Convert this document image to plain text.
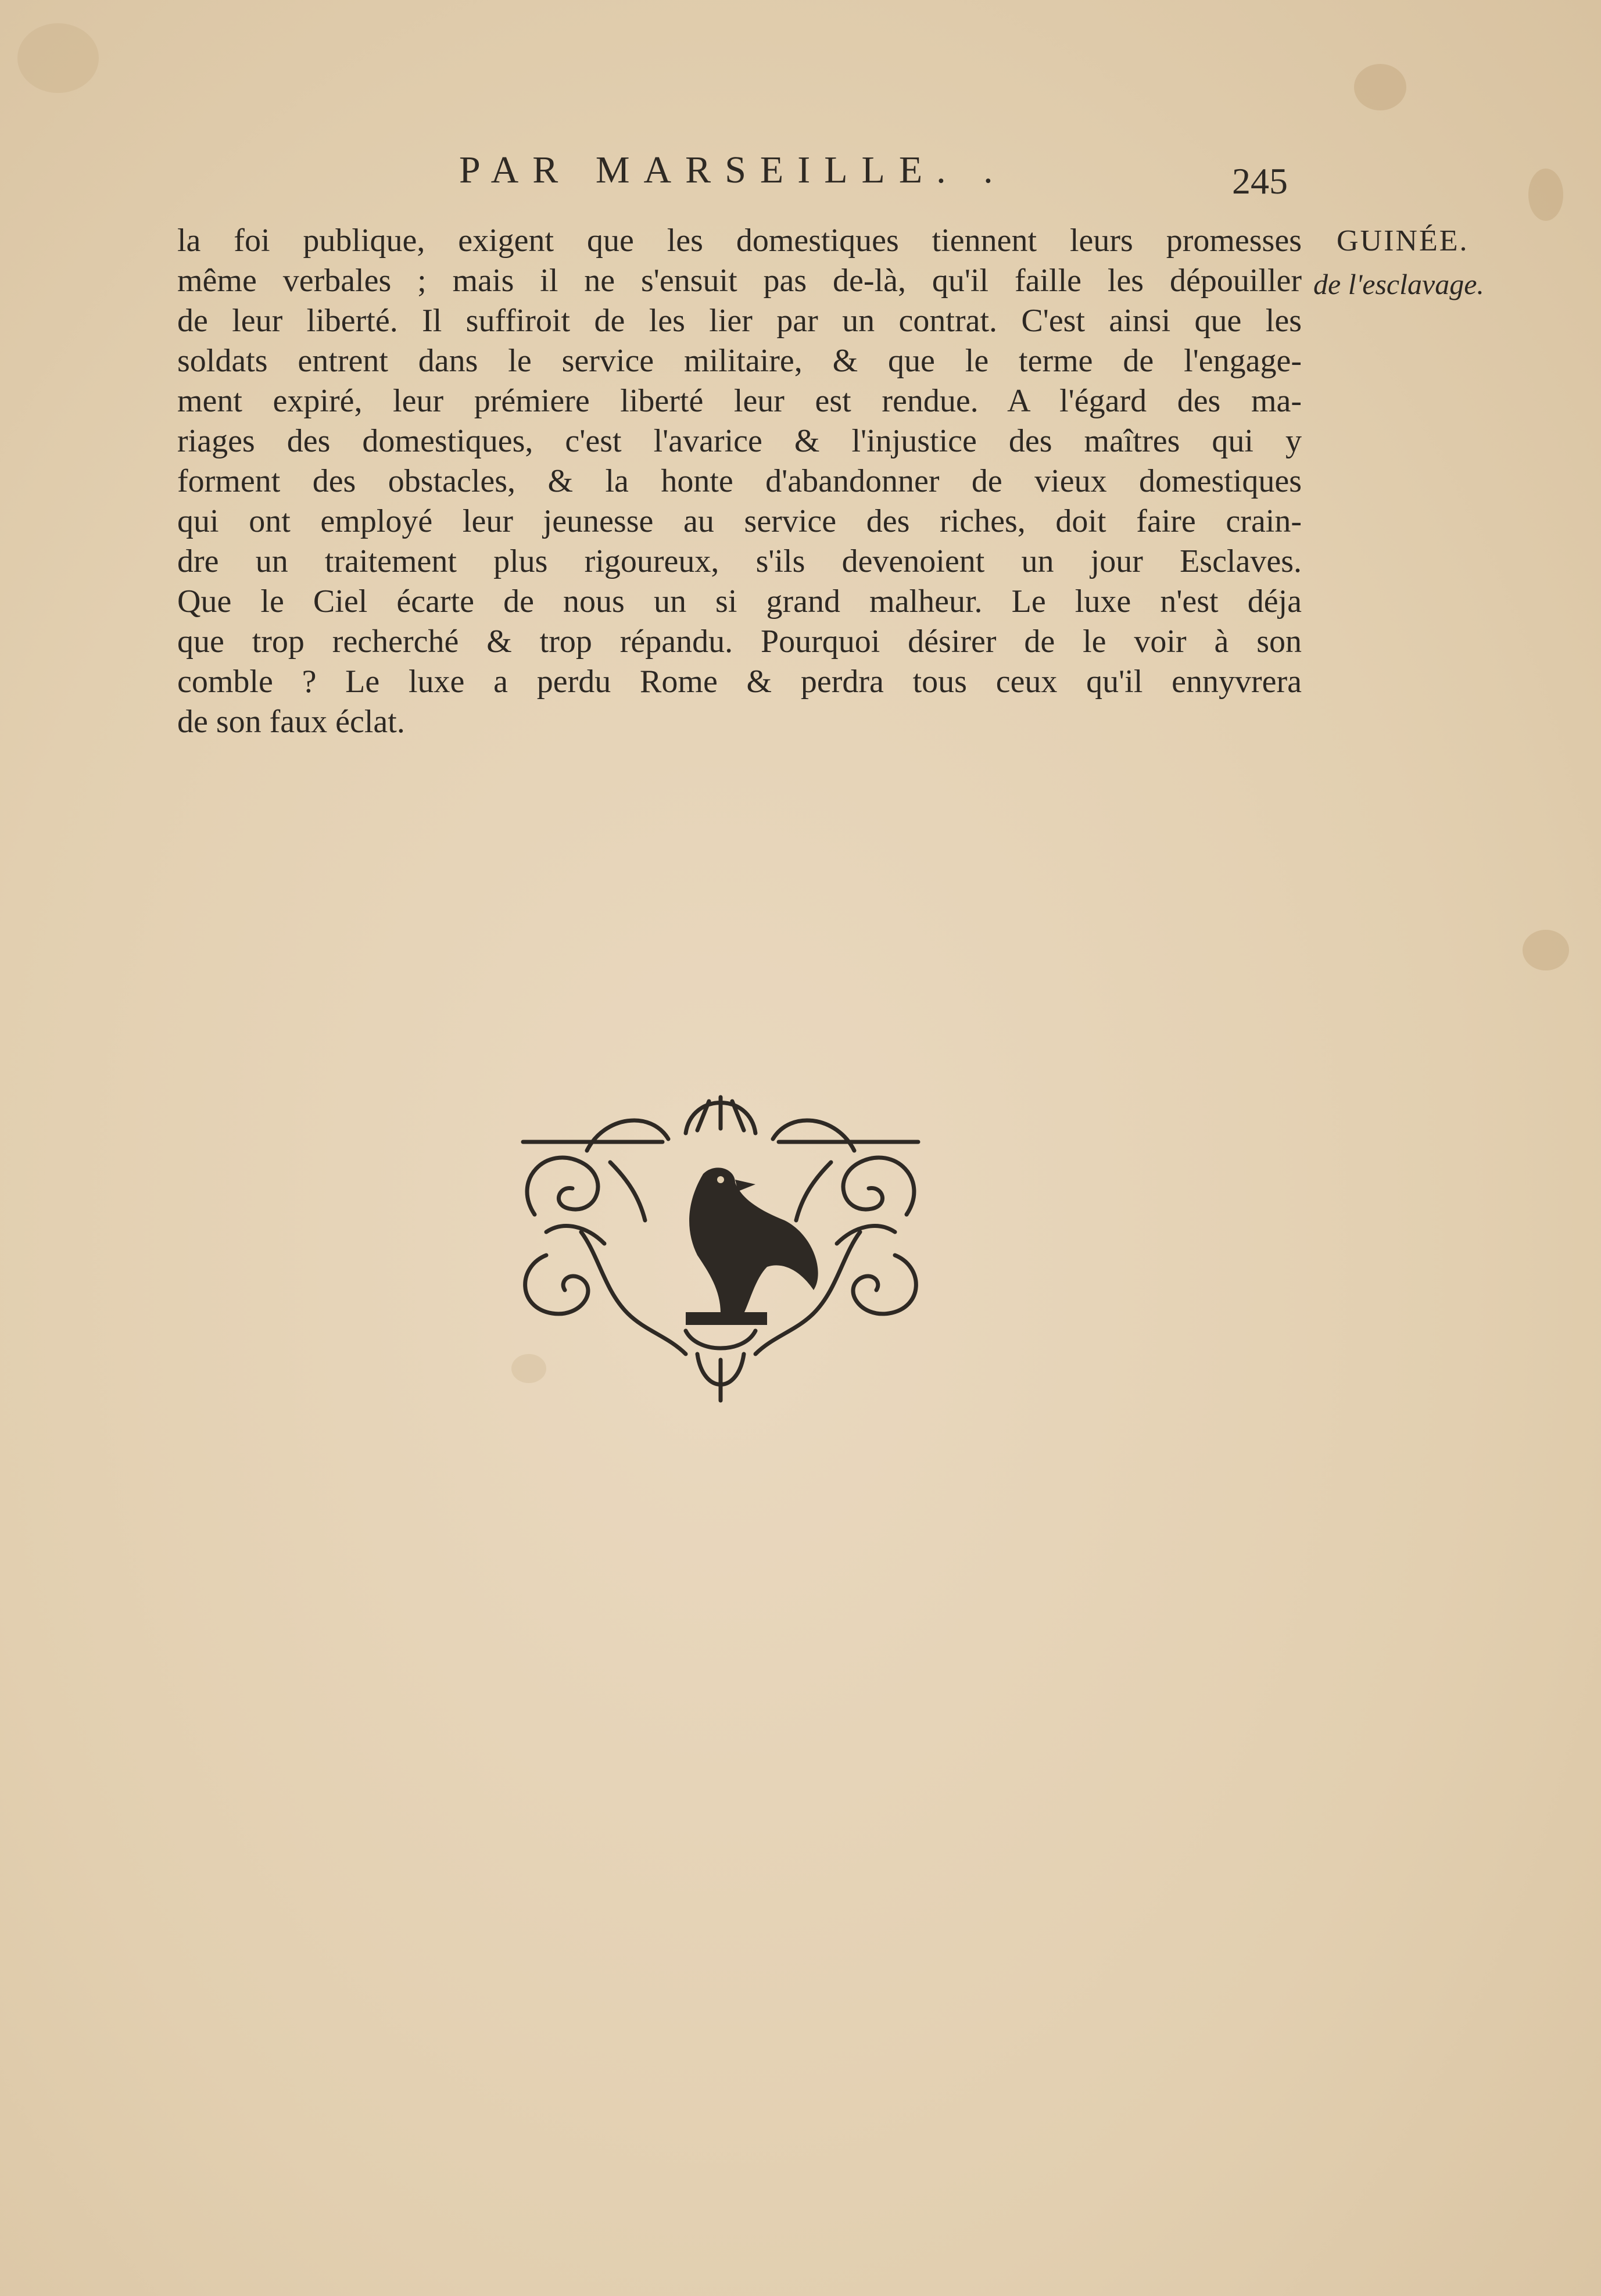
PAR MARSEILLE. .	245
la foi publique, exigent que les domestiques tiennent leurs promesses
même verbales ; mais il ne s'ensuit pas de-là, qu'il faille les dépouiller
de leur liberté. Il suffiroit de les lier par un contrat. C'est ainsi que les
soldats entrent dans le service militaire, & que le terme de l'engage-
ment expiré, leur prémiere liberté leur est rendue. A l'égard des ma-
riages des domestiques, c'est l'avarice & l'injustice des maîtres qui y
forment des obstacles, & la honte d'abandonner de vieux domestiques
qui ont employé leur jeunesse au service des riches, doit faire crain-
dre un traitement plus rigoureux, s'ils devenoient un jour Esclaves.
Que le Ciel écarte de nous un si grand malheur. Le luxe n'est déja
que trop recherché & trop répandu. Pourquoi désirer de le voir à son
comble ? Le luxe a perdu Rome & perdra tous ceux qu'il ennyvrera
de son faux éclat.
GUINÉE.
de l'esclavage.
